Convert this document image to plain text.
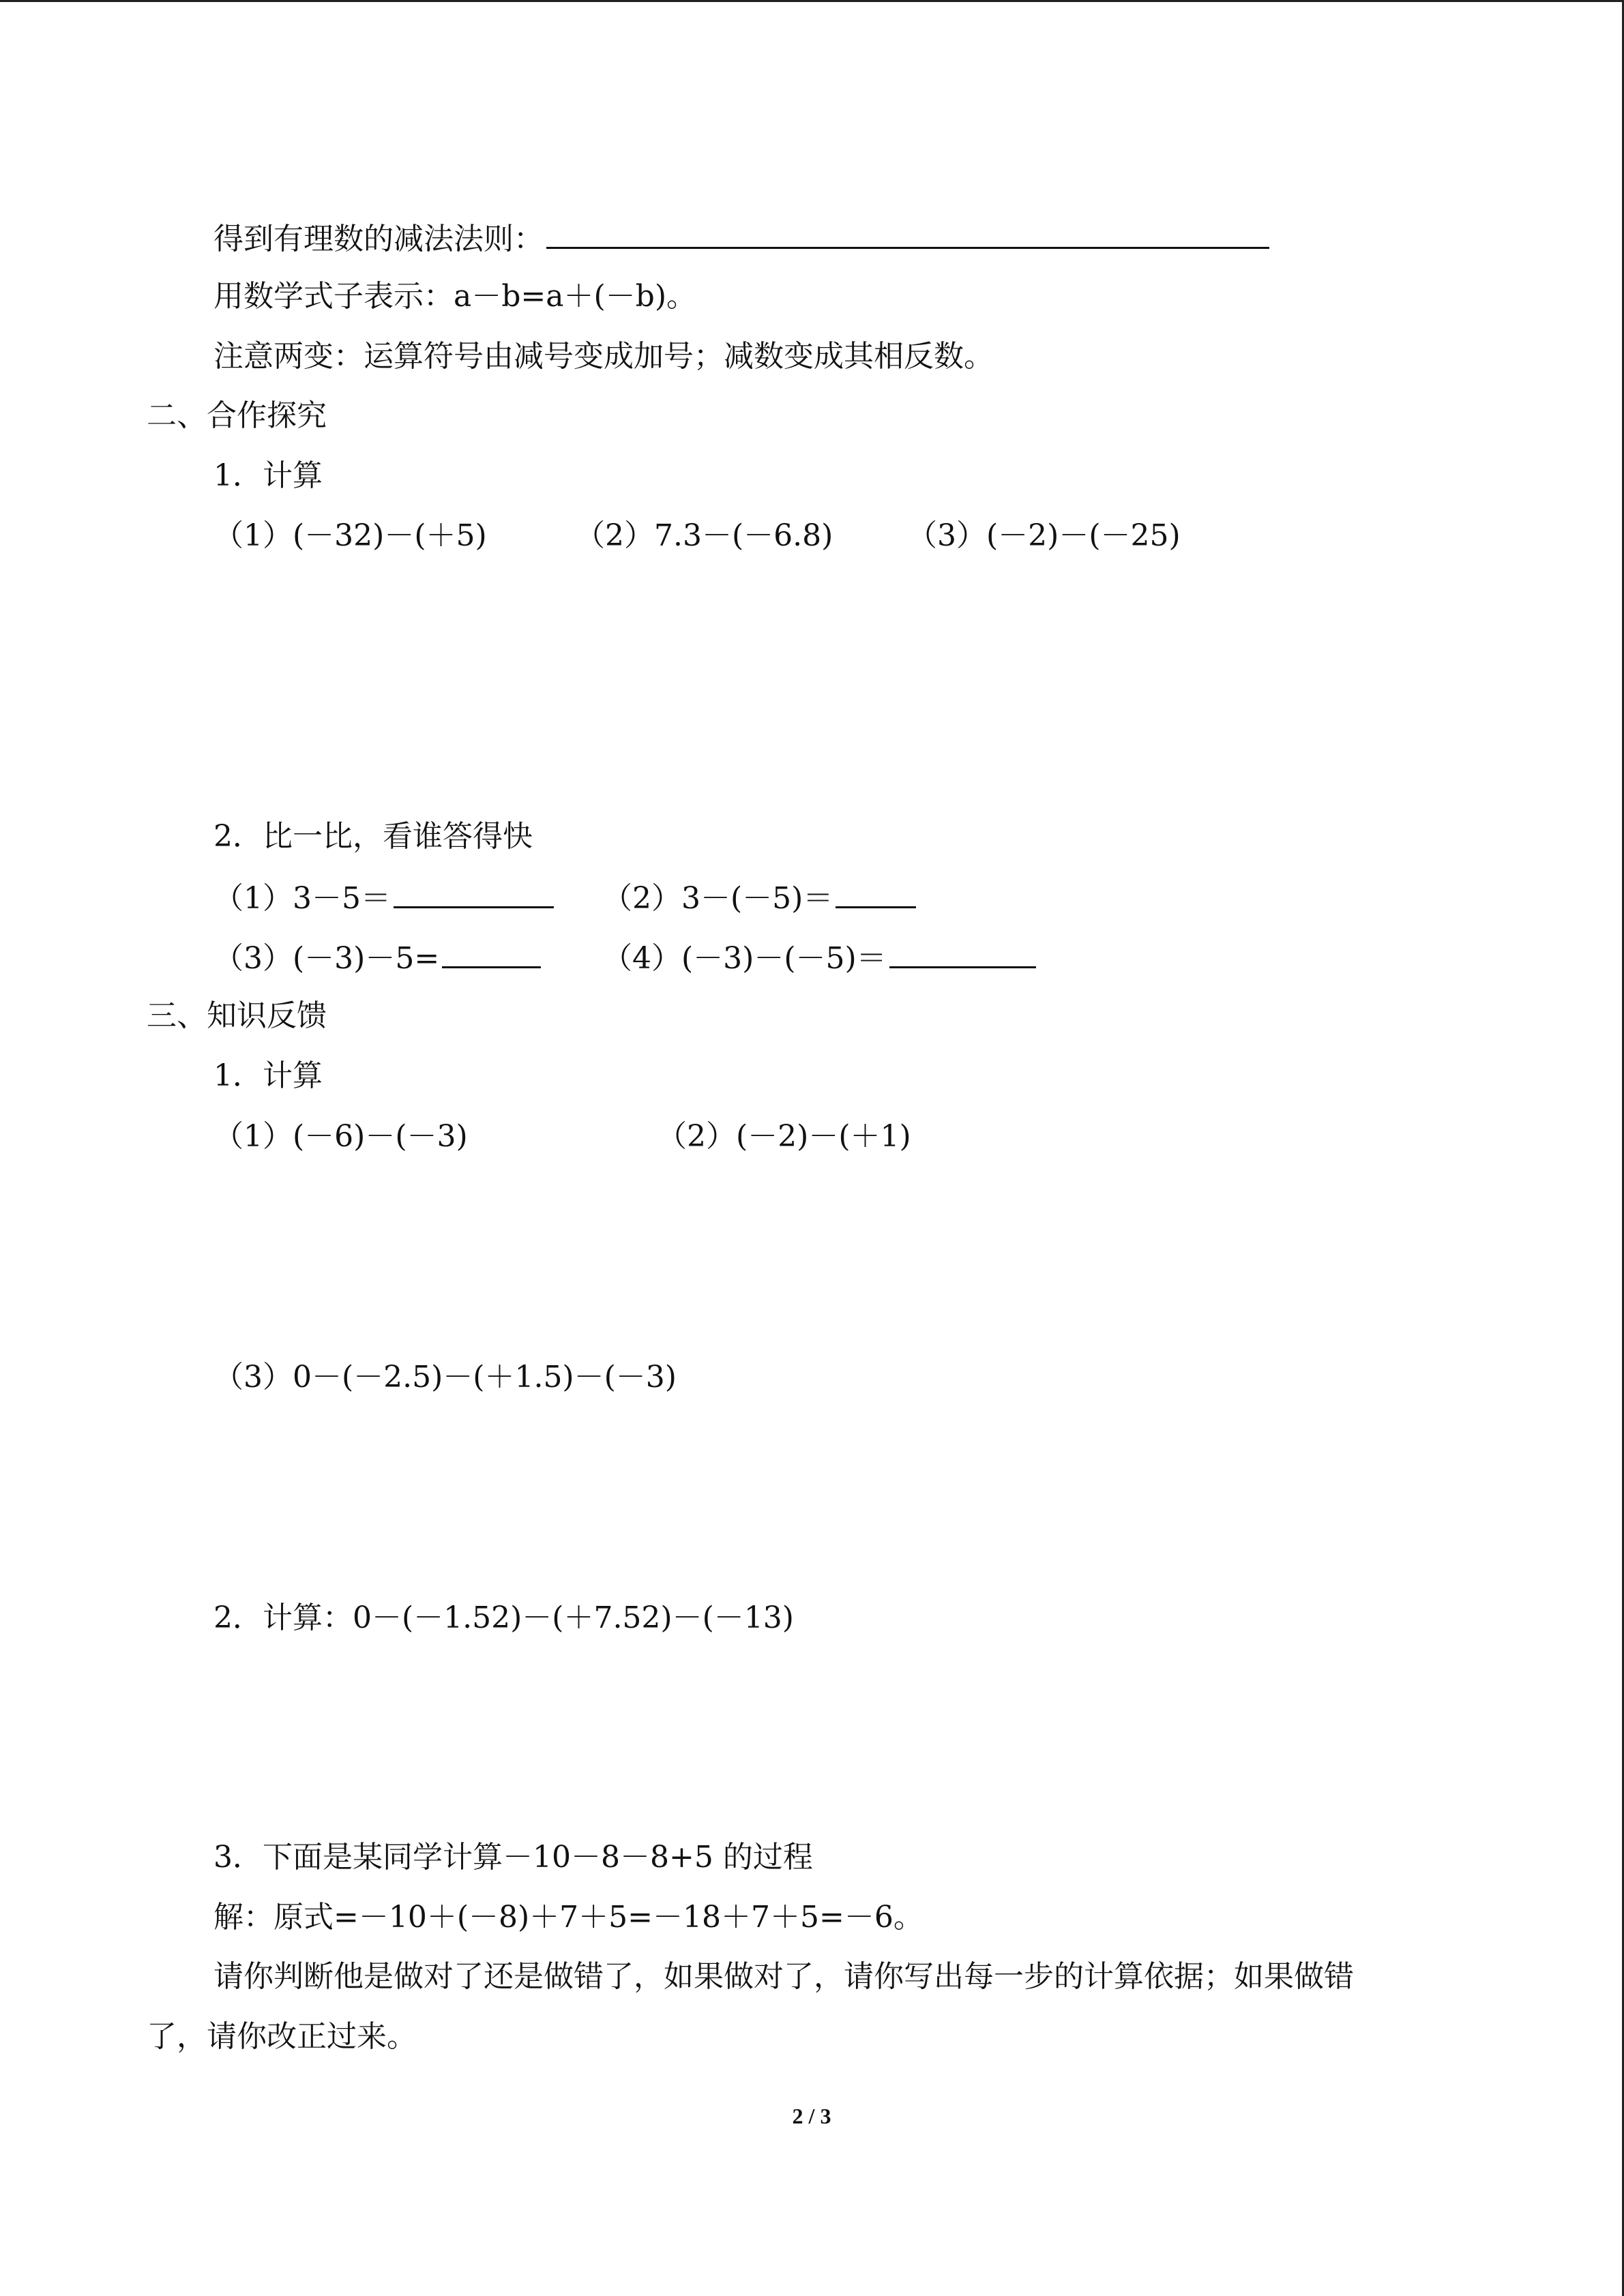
得到有理数的减法法则：
用数学式子表示：a－b=a＋(－b)。
注意两变：运算符号由减号变成加号；减数变成其相反数。
二、合作探究
1．计算
（1）(－32)－(＋5)	（2）7.3－(－6.8) （3）(－2)－(－25)
2．比一比，看谁答得快
（1）3－5＝	（2）3－(－5)＝
（3）(－3)－5=	（4）(－3)－(－5)＝
三、知识反馈
1．计算
（1）(－6)－(－3)	（2）(－2)－(＋1)
（3）0－(－2.5)－(＋1.5)－(－3)
2．计算：0－(－1.52)－(＋7.52)－(－13)
3．下面是某同学计算－10－8－8+5 的过程
解：原式=－10＋(－8)＋7＋5=－18＋7＋5=－6。
请你判断他是做对了还是做错了，如果做对了，请你写出每一步的计算依据；如果做错
了，请你改正过来。
2 / 3
